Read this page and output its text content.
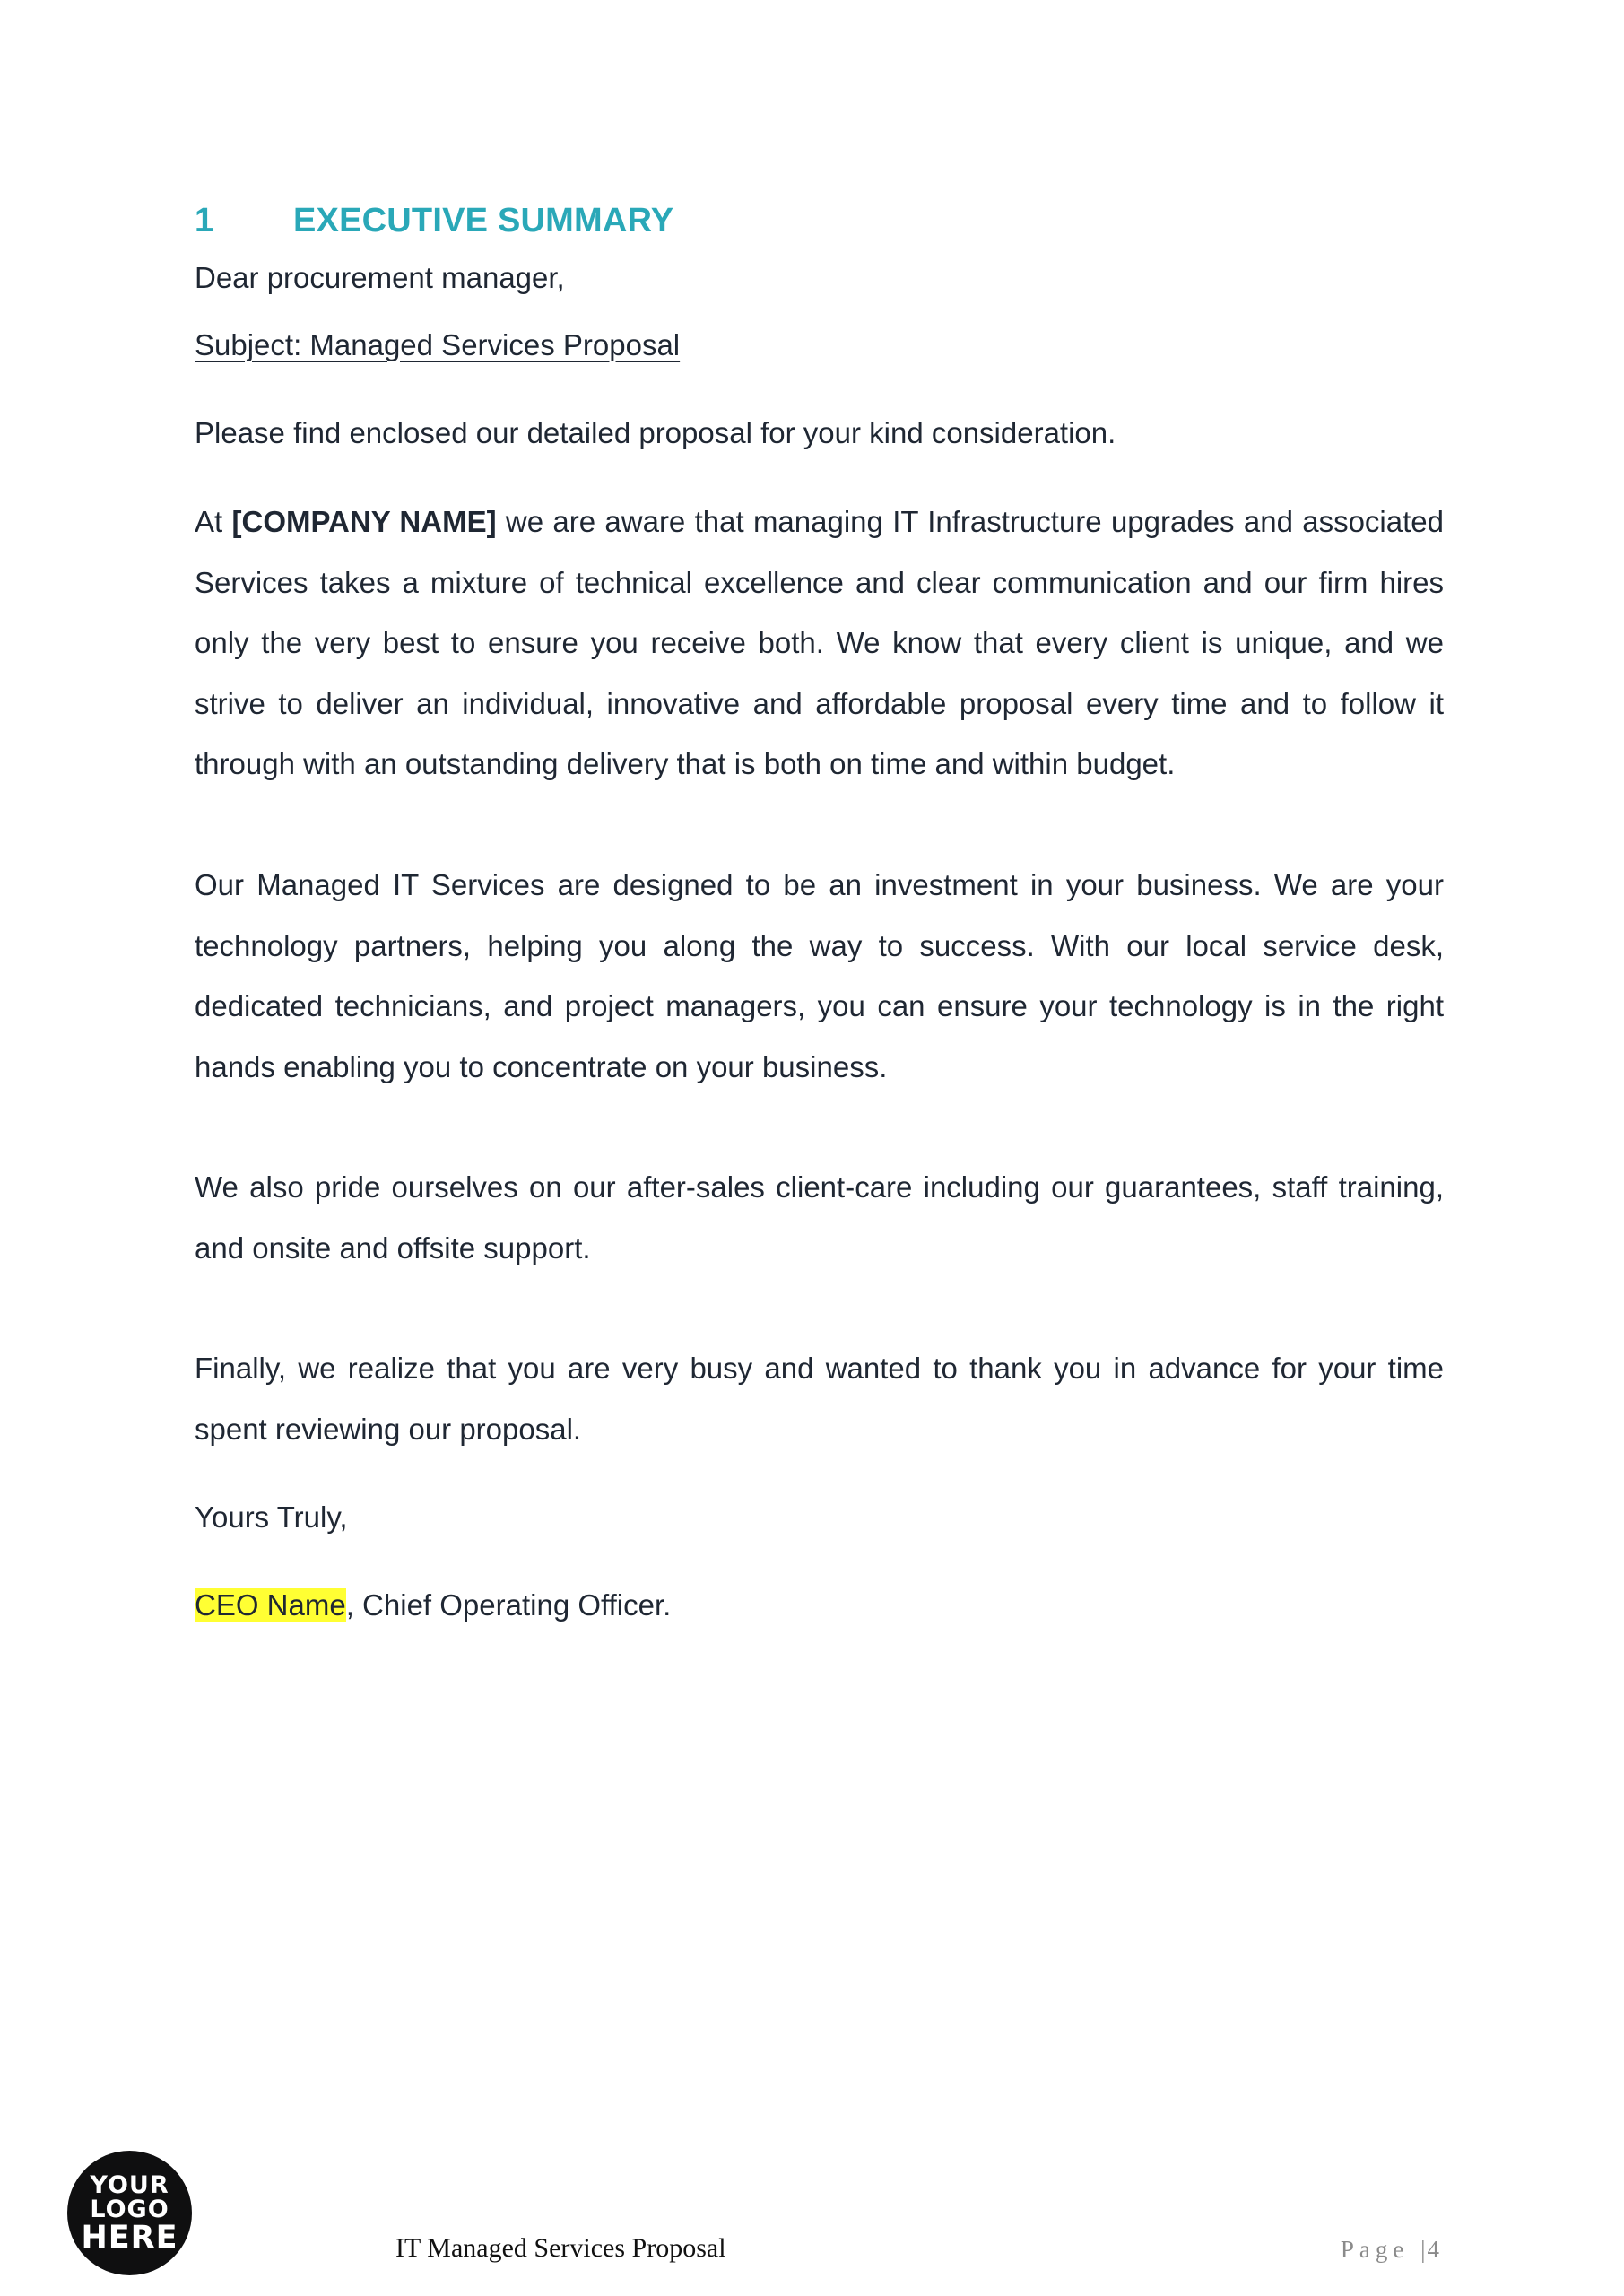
1	EXECUTIVE SUMMARY
Dear procurement manager,
Subject: Managed Services Proposal
Please find enclosed our detailed proposal for your kind consideration.
At [COMPANY NAME] we are aware that managing IT Infrastructure upgrades and associated Services takes a mixture of technical excellence and clear communication and our firm hires only the very best to ensure you receive both. We know that every client is unique, and we strive to deliver an individual, innovative and affordable proposal every time and to follow it through with an outstanding delivery that is both on time and within budget.
Our Managed IT Services are designed to be an investment in your business. We are your technology partners, helping you along the way to success. With our local service desk, dedicated technicians, and project managers, you can ensure your technology is in the right hands enabling you to concentrate on your business.
We also pride ourselves on our after-sales client-care including our guarantees, staff training, and onsite and offsite support.
Finally, we realize that you are very busy and wanted to thank you in advance for your time spent reviewing our proposal.
Yours Truly,
CEO Name, Chief Operating Officer.
YOUR
LOGO
HERE	IT Managed Services Proposal	Page |4
